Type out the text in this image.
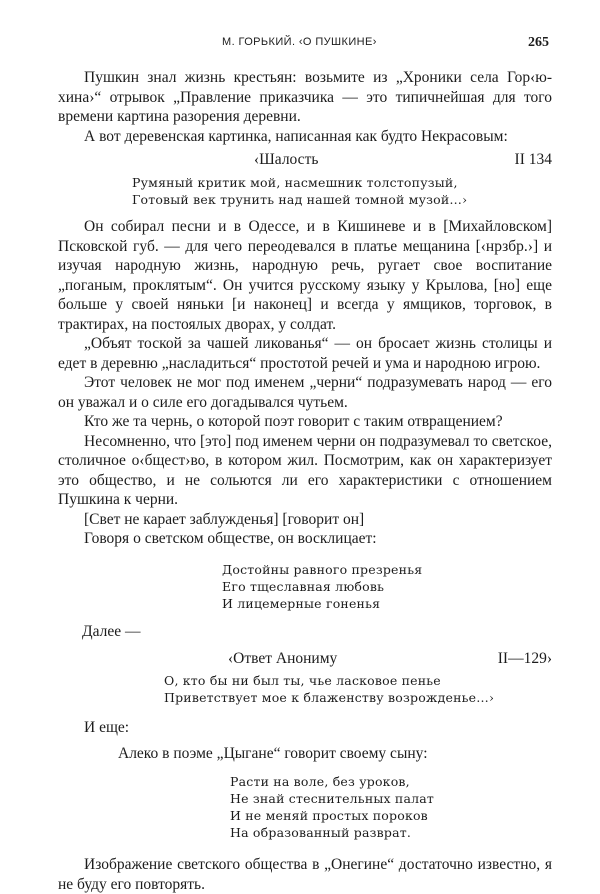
М. ГОРЬКИЙ. ‹О ПУШКИНЕ›	265

Пушкин знал жизнь крестьян: возьмите из „Хроники села Гор‹ю-хина›“ отрывок „Правление приказчика — это типичнейшая для того времени картина разорения деревни.

А вот деревенская картинка, написанная как будто Некрасовым:

‹Шалость	II 134
Румяный критик мой, насмешник толстопузый,
Готовый век трунить над нашей томной музой…›

Он собирал песни и в Одессе, и в Кишиневе и в [Михайловском] Псковской губ. — для чего переодевался в платье мещанина [‹нрзбр.›] и изучая народную жизнь, народную речь, ругает свое воспитание „поганым, проклятым“. Он учится русскому языку у Крылова, [но] еще больше у своей няньки [и наконец] и всегда у ямщиков, торговок, в трактирах, на постоялых дворах, у солдат.

„Объят тоской за чашей ликованья“ — он бросает жизнь столицы и едет в деревню „насладиться“ простотой речей и ума и народною игрою.

Этот человек не мог под именем „черни“ подразумевать народ — его он уважал и о силе его догадывался чутьем.

Кто же та чернь, о которой поэт говорит с таким отвращением?

Несомненно, что [это] под именем черни он подразумевал то светское, столичное о‹бщест›во, в котором жил. Посмотрим, как он характеризует это общество, и не сольются ли его характеристики с отношением Пушкина к черни.

[Свет не карает заблужденья] [говорит он]

Говоря о светском обществе, он восклицает:

Достойны равного презренья
Его тщеславная любовь
И лицемерные гоненья

Далее —

‹Ответ Анониму	II—129›
О, кто бы ни был ты, чье ласковое пенье
Приветствует мое к блаженству возрожденье…›

И еще:

Алеко в поэме „Цыгане“ говорит своему сыну:

Расти на воле, без уроков,
Не знай стеснительных палат
И не меняй простых пороков
На образованный разврат.

Изображение светского общества в „Онегине“ достаточно известно, я не буду его повторять.
